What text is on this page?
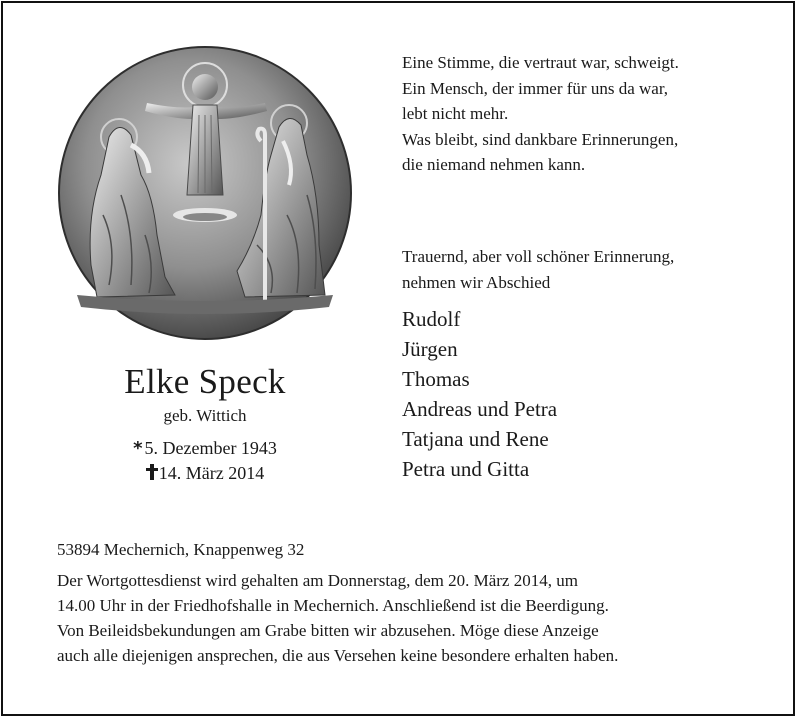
Eine Stimme, die vertraut war, schweigt.
Ein Mensch, der immer für uns da war,
lebt nicht mehr.
Was bleibt, sind dankbare Erinnerungen,
die niemand nehmen kann.
Trauernd, aber voll schöner Erinnerung,
nehmen wir Abschied
Rudolf
Jürgen
Thomas
Andreas und Petra
Tatjana und Rene
Petra und Gitta
Elke Speck
geb. Wittich
* 5. Dezember 1943
14. März 2014
53894 Mechernich, Knappenweg 32
Der Wortgottesdienst wird gehalten am Donnerstag, dem 20. März 2014, um
14.00 Uhr in der Friedhofshalle in Mechernich. Anschließend ist die Beerdigung.
Von Beileidsbekundungen am Grabe bitten wir abzusehen. Möge diese Anzeige
auch alle diejenigen ansprechen, die aus Versehen keine besondere erhalten haben.
